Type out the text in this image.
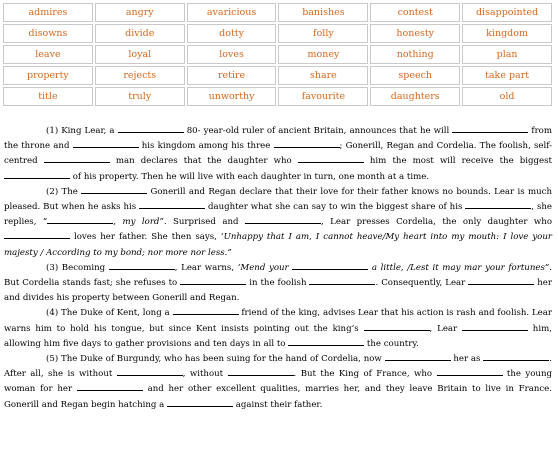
admires	angry	avaricious	banishes	contest	disappointed
disowns	divide	dotty	folly	honesty	kingdom
leave	loyal	loves	money	nothing	plan
property	rejects	retire	share	speech	take part
title	truly	unworthy	favourite	daughters	old

(1) King Lear, a	80- year-old ruler of ancient Britain, announces that he will	from the throne and	his kingdom among his three	; Gonerill, Regan and Cordelia. The foolish, self-centred	man declares that the daughter who	him the most will receive the biggest  of his property. Then he will live with each daughter in turn, one month at a time.

(2) The	Gonerill and Regan declare that their love for their father knows no bounds. Lear is much pleased. But when he asks his	daughter what she can say to win the biggest share of his	, she replies, “	, my lord”. Surprised and	, Lear presses Cordelia, the only daughter who  loves her father. She then says, ‘Unhappy that I am, I cannot heave/My heart into my mouth: I love your majesty / According to my bond; nor more nor less.”

(3) Becoming	, Lear warns, ‘Mend your	a little, /Lest it may mar your fortunes”. But Cordelia stands fast; she refuses to	in the foolish	. Consequently, Lear	her and divides his property between Gonerill and Regan.

(4) The Duke of Kent, long a	friend of the king, advises Lear that his action is rash and foolish. Lear warns him to hold his tongue, but since Kent insists pointing out the king’s	, Lear	him, allowing him five days to gather provisions and ten days in all to	the country.

(5) The Duke of Burgundy, who has been suing for the hand of Cordelia, now	her as	. After all, she is without	, without	. But the King of France, who	the young woman for her	and her other excellent qualities, marries her, and they leave Britain to live in France. Gonerill and Regan begin hatching a	against their father.
